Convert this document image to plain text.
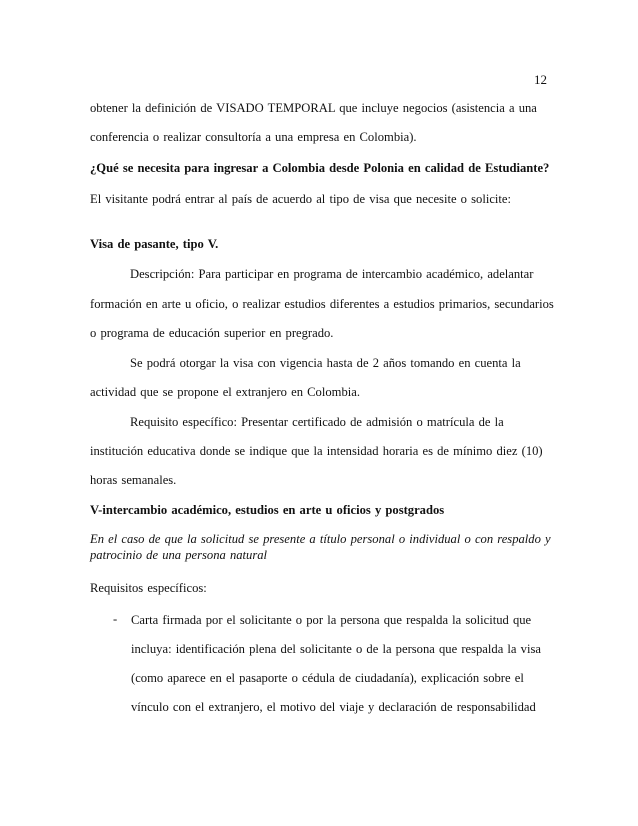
12
obtener la definición de VISADO TEMPORAL que incluye negocios (asistencia a una
conferencia o realizar consultoría a una empresa en Colombia).
¿Qué se necesita para ingresar a Colombia desde Polonia en calidad de Estudiante?
El visitante podrá entrar al país de acuerdo al tipo de visa que necesite o solicite:
Visa de pasante, tipo V.
Descripción: Para participar en programa de intercambio académico, adelantar
formación en arte u oficio, o realizar estudios diferentes a estudios primarios, secundarios
o programa de educación superior en pregrado.
Se podrá otorgar la visa con vigencia hasta de 2 años tomando en cuenta la
actividad que se propone el extranjero en Colombia.
Requisito específico: Presentar certificado de admisión o matrícula de la
institución educativa donde se indique que la intensidad horaria es de mínimo diez (10)
horas semanales.
V-intercambio académico, estudios en arte u oficios y postgrados
En el caso de que la solicitud se presente a título personal o individual o con respaldo y
patrocinio de una persona natural
Requisitos específicos:
- Carta firmada por el solicitante o por la persona que respalda la solicitud que
incluya: identificación plena del solicitante o de la persona que respalda la visa
(como aparece en el pasaporte o cédula de ciudadanía), explicación sobre el
vínculo con el extranjero, el motivo del viaje y declaración de responsabilidad
